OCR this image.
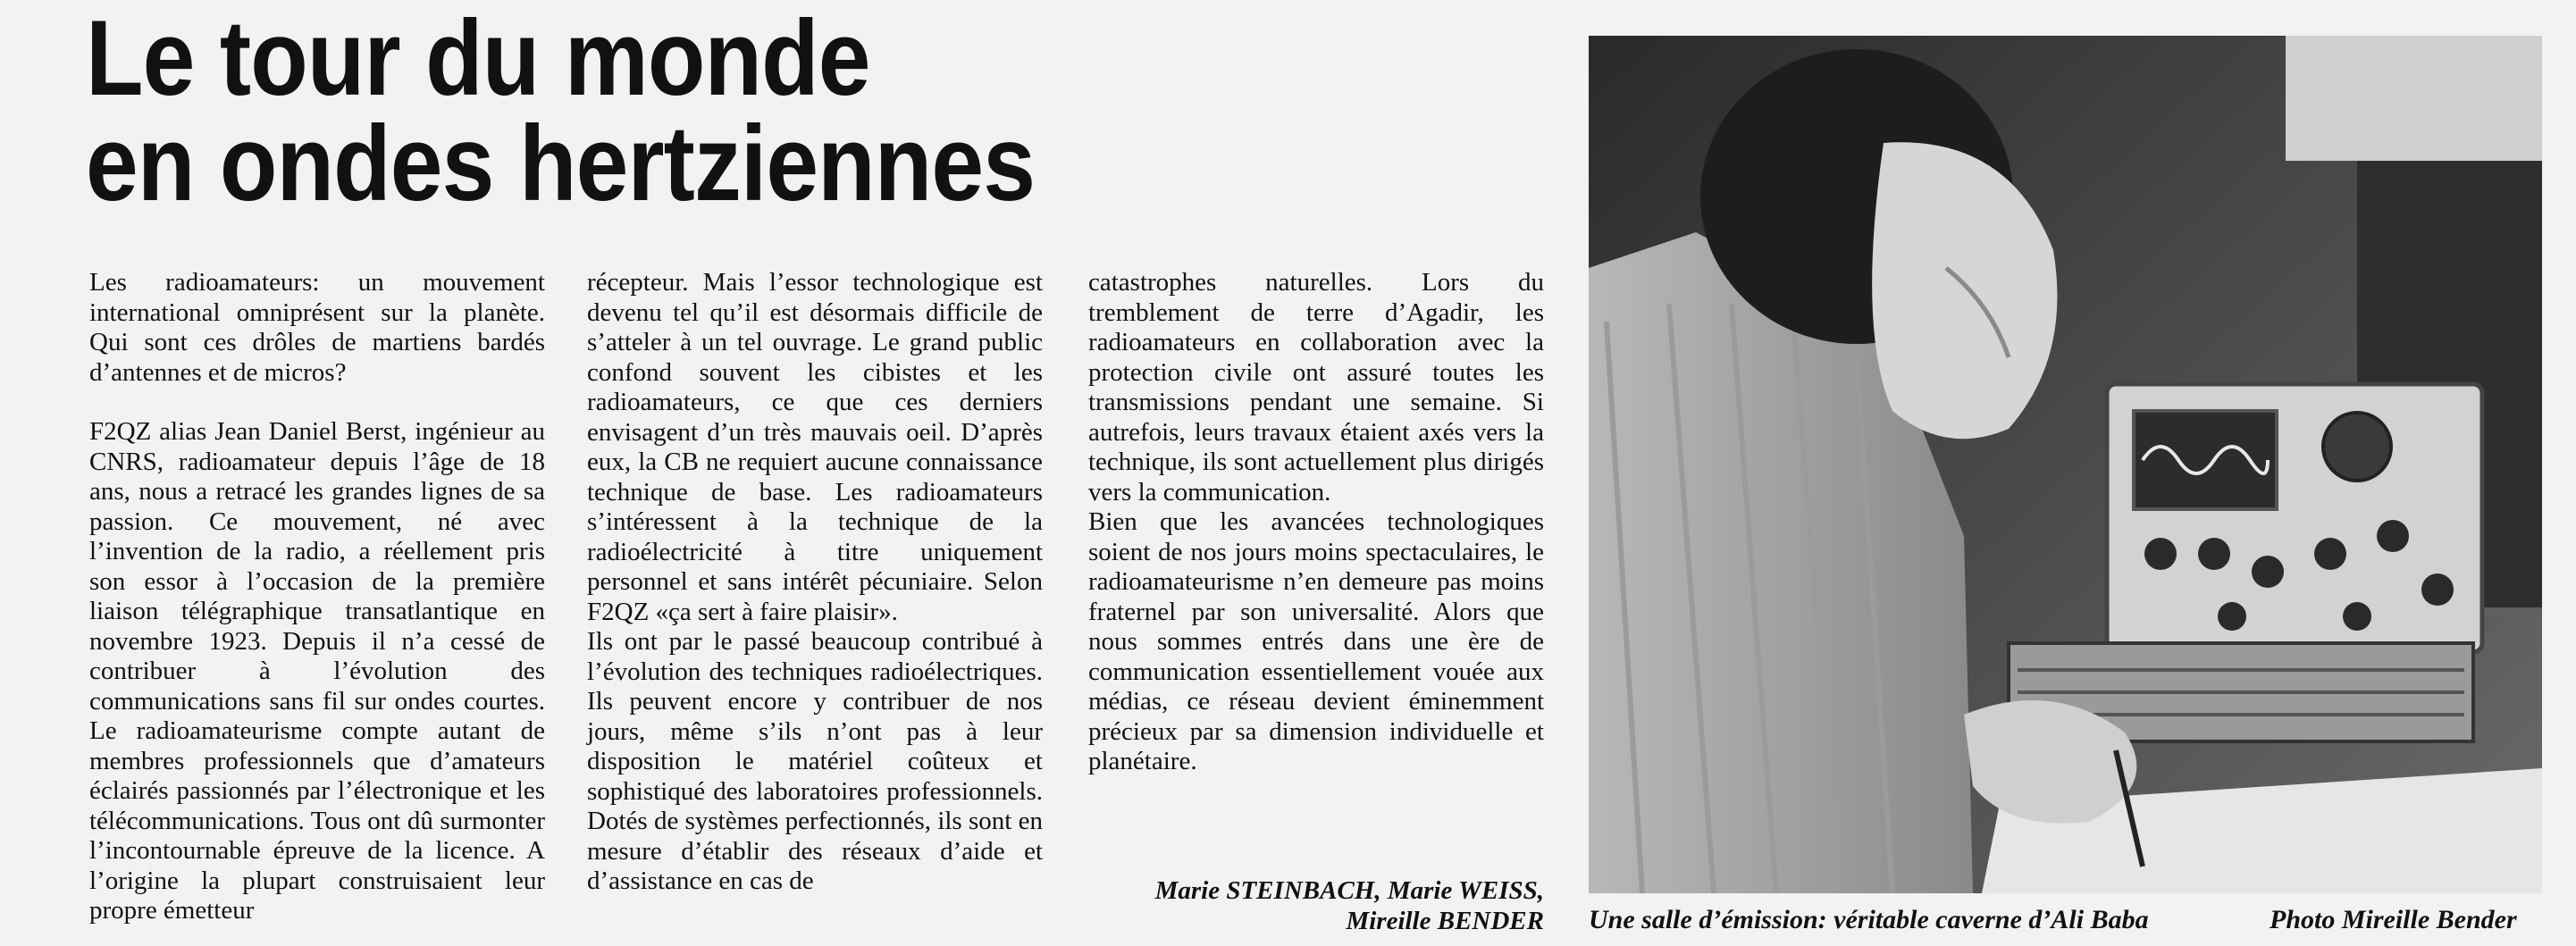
Le tour du monde
en ondes hertziennes

Les radioamateurs: un mouvement international omniprésent sur la planète. Qui sont ces drôles de martiens bardés d’antennes et de micros?

F2QZ alias Jean Daniel Berst, ingénieur au CNRS, radioamateur depuis l’âge de 18 ans, nous a retracé les grandes lignes de sa passion. Ce mouvement, né avec l’invention de la radio, a réellement pris son essor à l’occasion de la première liaison télégraphique transatlantique en novembre 1923. Depuis il n’a cessé de contribuer à l’évolution des communications sans fil sur ondes courtes. Le radioamateurisme compte autant de membres professionnels que d’amateurs éclairés passionnés par l’électronique et les télécommunications. Tous ont dû surmonter l’incontournable épreuve de la licence. A l’origine la plupart construisaient leur propre émetteur

récepteur. Mais l’essor technologique est devenu tel qu’il est désormais difficile de s’atteler à un tel ouvrage. Le grand public confond souvent les cibistes et les radioamateurs, ce que ces derniers envisagent d’un très mauvais oeil. D’après eux, la CB ne requiert aucune connaissance technique de base. Les radioamateurs s’intéressent à la technique de la radioélectricité à titre uniquement personnel et sans intérêt pécuniaire. Selon F2QZ «ça sert à faire plaisir».

Ils ont par le passé beaucoup contribué à l’évolution des techniques radioélectriques. Ils peuvent encore y contribuer de nos jours, même s’ils n’ont pas à leur disposition le matériel coûteux et sophistiqué des laboratoires professionnels. Dotés de systèmes perfectionnés, ils sont en mesure d’établir des réseaux d’aide et d’assistance en cas de

catastrophes naturelles. Lors du tremblement de terre d’Agadir, les radioamateurs en collaboration avec la protection civile ont assuré toutes les transmissions pendant une semaine. Si autrefois, leurs travaux étaient axés vers la technique, ils sont actuellement plus dirigés vers la communication.

Bien que les avancées technologiques soient de nos jours moins spectaculaires, le radioamateurisme n’en demeure pas moins fraternel par son universalité. Alors que nous sommes entrés dans une ère de communication essentiellement vouée aux médias, ce réseau devient éminemment précieux par sa dimension individuelle et planétaire.

Marie STEINBACH, Marie WEISS,
Mireille BENDER Une salle d’émission: véritable caverne d’Ali Baba	Photo Mireille Bender
